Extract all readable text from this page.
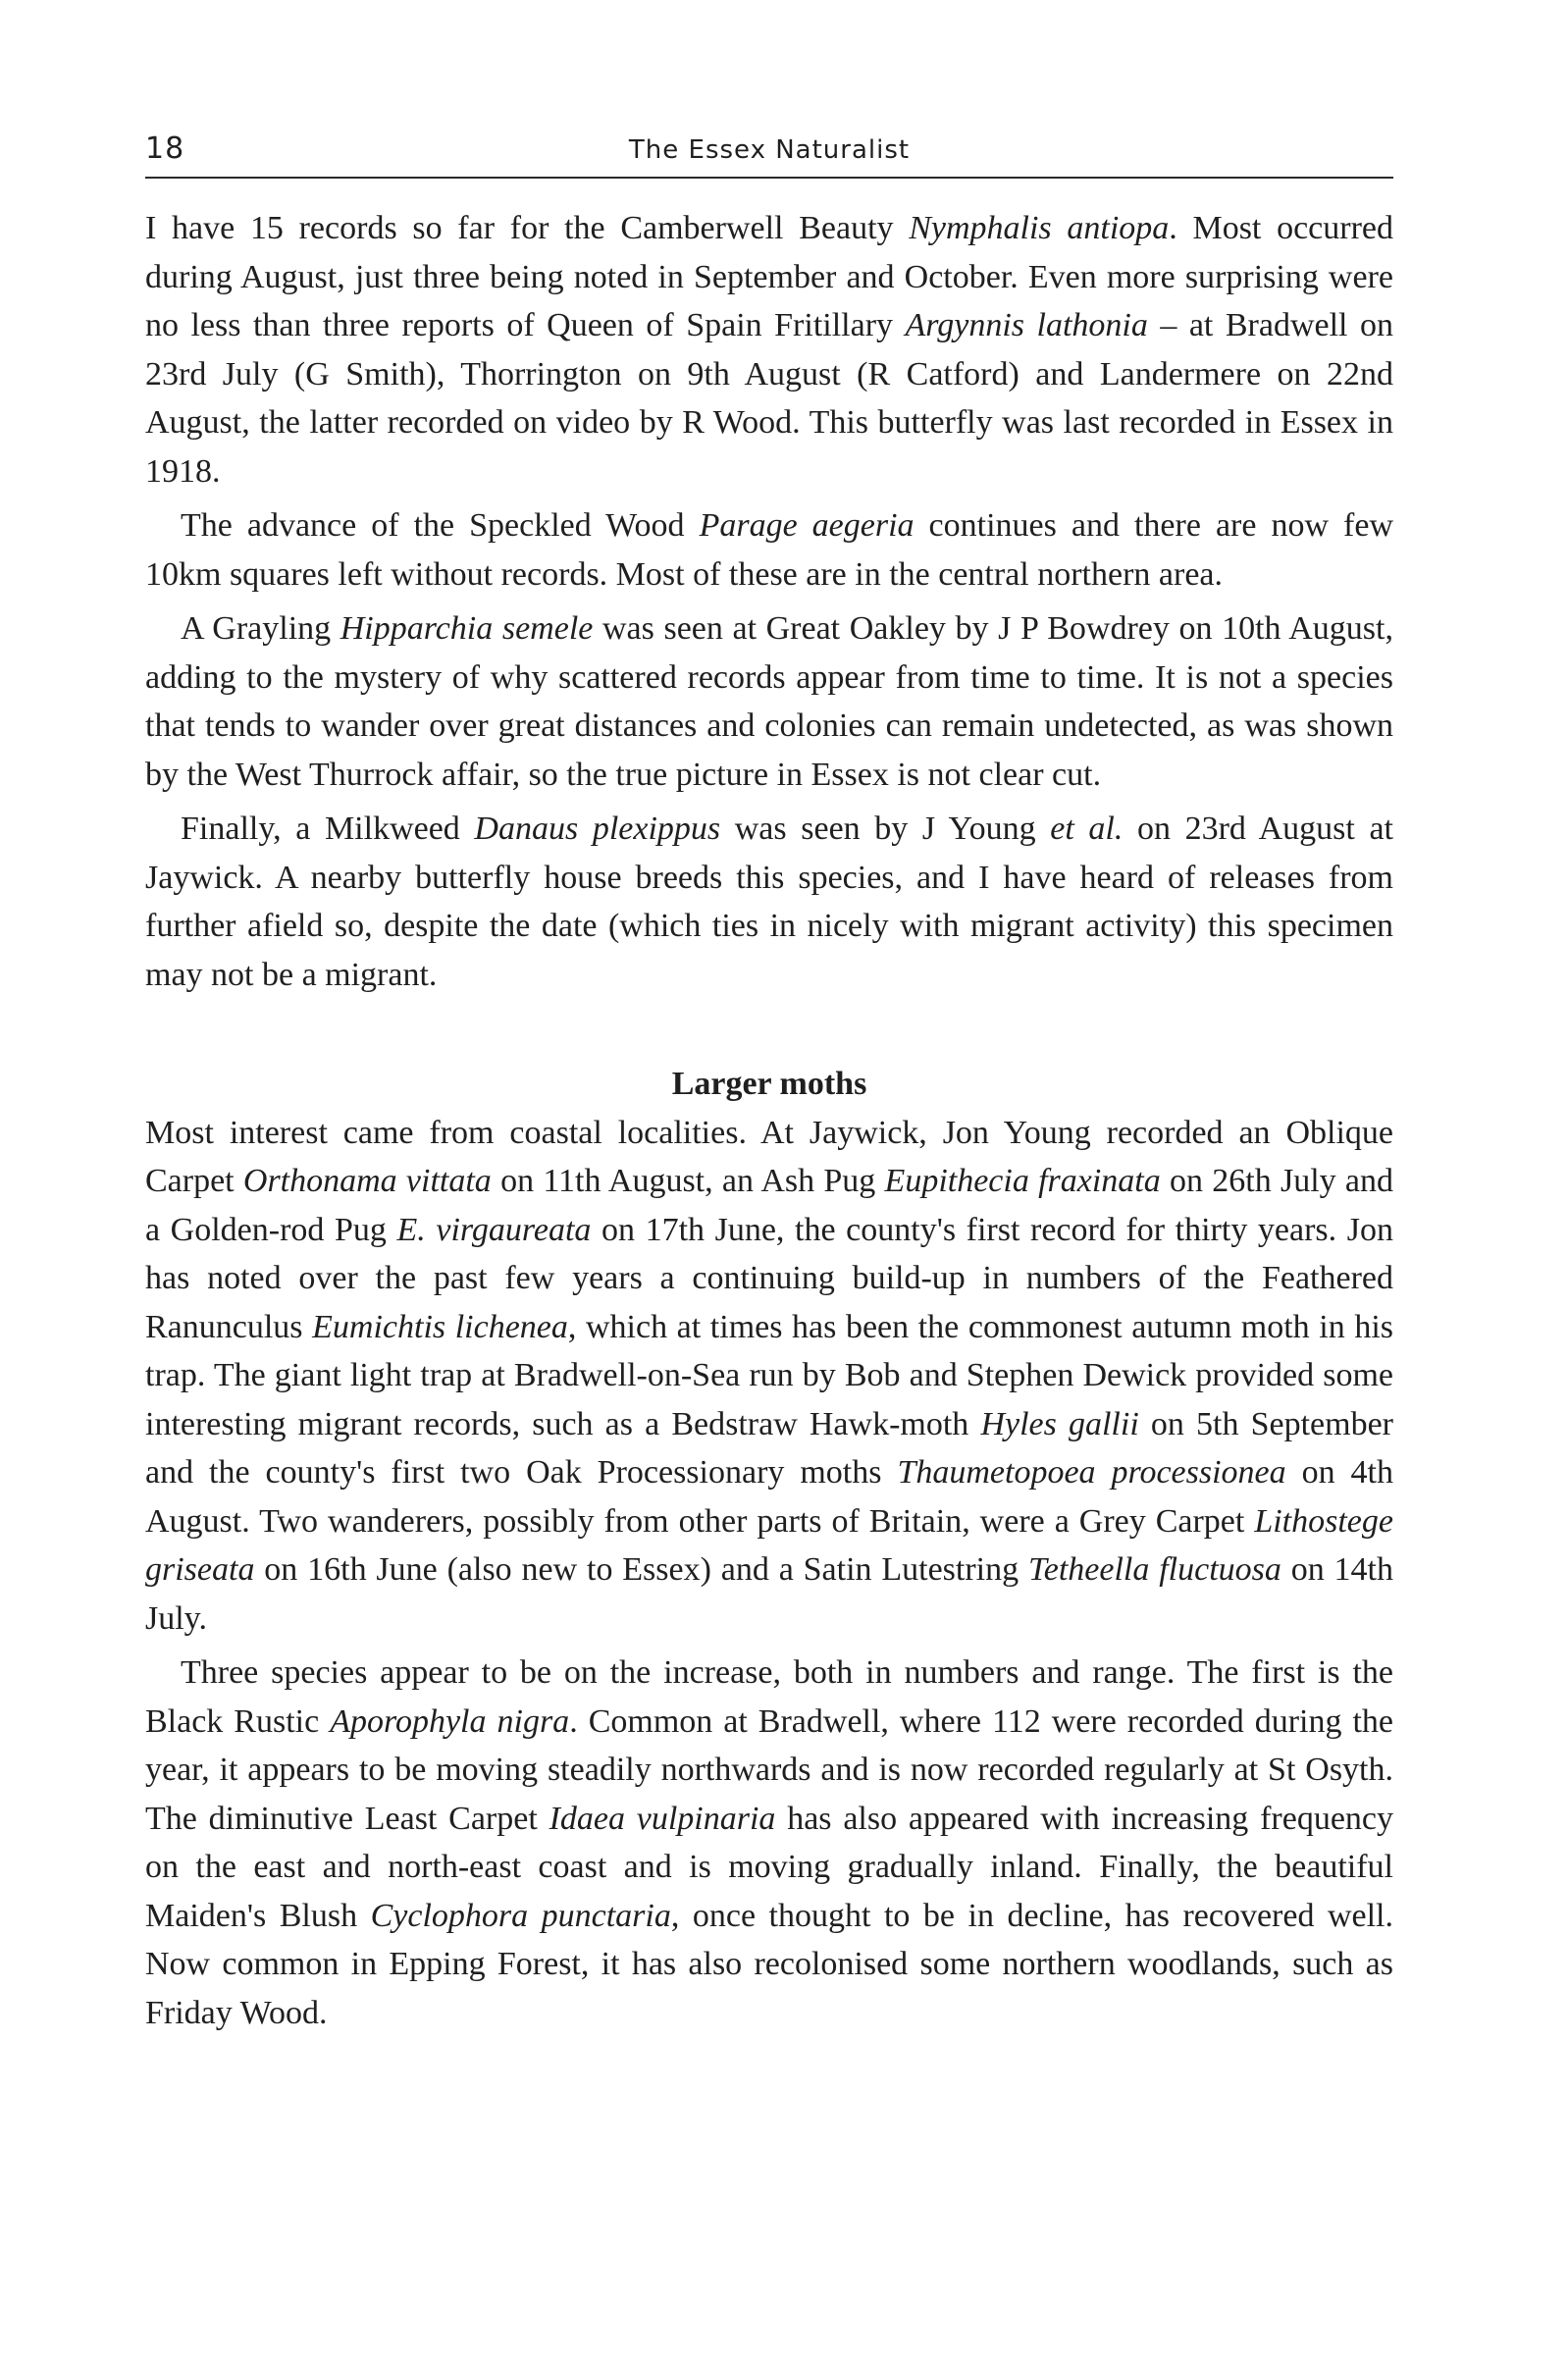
18	The Essex Naturalist

I have 15 records so far for the Camberwell Beauty Nymphalis antiopa. Most occurred during August, just three being noted in September and October. Even more surprising were no less than three reports of Queen of Spain Fritillary Argynnis lathonia – at Bradwell on 23rd July (G Smith), Thorrington on 9th August (R Catford) and Landermere on 22nd August, the latter recorded on video by R Wood. This butterfly was last recorded in Essex in 1918.

The advance of the Speckled Wood Parage aegeria continues and there are now few 10km squares left without records. Most of these are in the central northern area.

A Grayling Hipparchia semele was seen at Great Oakley by J P Bowdrey on 10th August, adding to the mystery of why scattered records appear from time to time. It is not a species that tends to wander over great distances and colonies can remain undetected, as was shown by the West Thurrock affair, so the true picture in Essex is not clear cut.

Finally, a Milkweed Danaus plexippus was seen by J Young et al. on 23rd August at Jaywick. A nearby butterfly house breeds this species, and I have heard of releases from further afield so, despite the date (which ties in nicely with migrant activity) this specimen may not be a migrant.

Larger moths

Most interest came from coastal localities. At Jaywick, Jon Young recorded an Oblique Carpet Orthonama vittata on 11th August, an Ash Pug Eupithecia fraxinata on 26th July and a Golden-rod Pug E. virgaureata on 17th June, the county's first record for thirty years. Jon has noted over the past few years a continuing build-up in numbers of the Feathered Ranunculus Eumichtis lichenea, which at times has been the commonest autumn moth in his trap. The giant light trap at Bradwell-on-Sea run by Bob and Stephen Dewick provided some interesting migrant records, such as a Bedstraw Hawk-moth Hyles gallii on 5th September and the county's first two Oak Processionary moths Thaumetopoea processionea on 4th August. Two wanderers, possibly from other parts of Britain, were a Grey Carpet Lithostege griseata on 16th June (also new to Essex) and a Satin Lutestring Tetheella fluctuosa on 14th July.

Three species appear to be on the increase, both in numbers and range. The first is the Black Rustic Aporophyla nigra. Common at Bradwell, where 112 were recorded during the year, it appears to be moving steadily northwards and is now recorded regularly at St Osyth. The diminutive Least Carpet Idaea vulpinaria has also appeared with increasing frequency on the east and north-east coast and is moving gradually inland. Finally, the beautiful Maiden's Blush Cyclophora punctaria, once thought to be in decline, has recovered well. Now common in Epping Forest, it has also recolonised some northern woodlands, such as Friday Wood.
